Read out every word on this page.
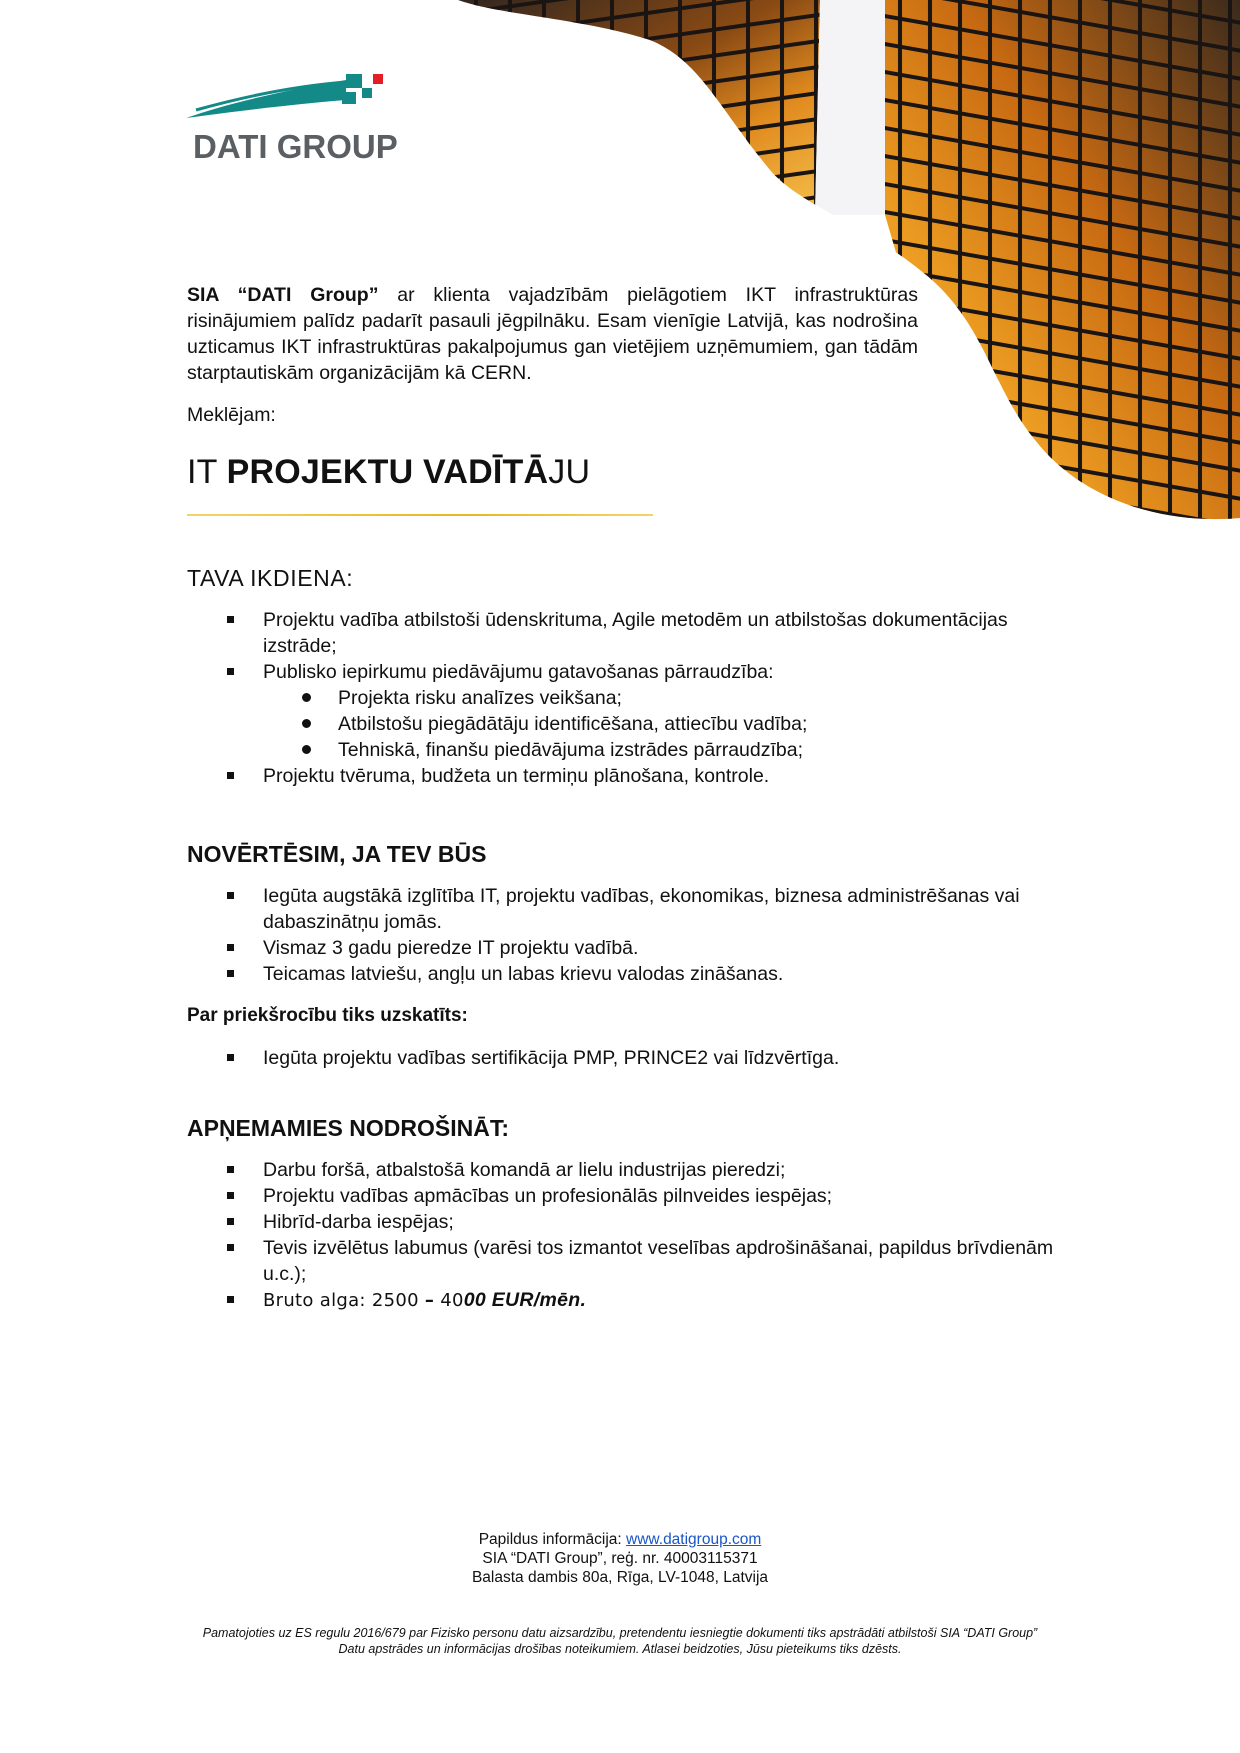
DATI GROUP
SIA “DATI Group” ar klienta vajadzībām pielāgotiem IKT infrastruktūras risinājumiem palīdz padarīt pasauli jēgpilnāku. Esam vienīgie Latvijā, kas nodrošina uzticamus IKT infrastruktūras pakalpojumus gan vietējiem uzņēmumiem, gan tādām starptautiskām organizācijām kā CERN.
Meklējam:
IT PROJEKTU VADĪTĀJU
TAVA IKDIENA:
Projektu vadība atbilstoši ūdenskrituma, Agile metodēm un atbilstošas dokumentācijas izstrāde;
Publisko iepirkumu piedāvājumu gatavošanas pārraudzība:
Projekta risku analīzes veikšana;
Atbilstošu piegādātāju identificēšana, attiecību vadība;
Tehniskā, finanšu piedāvājuma izstrādes pārraudzība;
Projektu tvēruma, budžeta un termiņu plānošana, kontrole.
NOVĒRTĒSIM, JA TEV BŪS
Iegūta augstākā izglītība IT, projektu vadības, ekonomikas, biznesa administrēšanas vai dabaszinātņu jomās.
Vismaz 3 gadu pieredze IT projektu vadībā.
Teicamas latviešu, angļu un labas krievu valodas zināšanas.
Par priekšrocību tiks uzskatīts:
Iegūta projektu vadības sertifikācija PMP, PRINCE2 vai līdzvērtīga.
APŅEMAMIES NODROŠINĀT:
Darbu foršā, atbalstošā komandā ar lielu industrijas pieredzi;
Projektu vadības apmācības un profesionālās pilnveides iespējas;
Hibrīd-darba iespējas;
Tevis izvēlētus labumus (varēsi tos izmantot veselības apdrošināšanai, papildus brīvdienām u.c.);
Bruto alga: 2500 – 4000 EUR/mēn.
Papildus informācija: www.datigroup.com
SIA “DATI Group”, reģ. nr. 40003115371
Balasta dambis 80a, Rīga, LV-1048, Latvija
Pamatojoties uz ES regulu 2016/679 par Fizisko personu datu aizsardzību, pretendentu iesniegtie dokumenti tiks apstrādāti atbilstoši SIA “DATI Group” Datu apstrādes un informācijas drošības noteikumiem. Atlasei beidzoties, Jūsu pieteikums tiks dzēsts.
